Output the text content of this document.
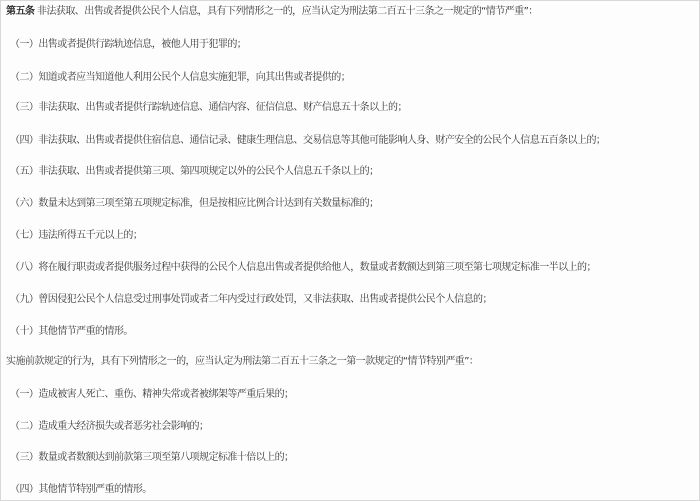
第五条 非法获取、出售或者提供公民个人信息，具有下列情形之一的，应当认定为刑法第二百五十三条之一规定的“情节严重”：
（一）出售或者提供行踪轨迹信息，被他人用于犯罪的；
（二）知道或者应当知道他人利用公民个人信息实施犯罪，向其出售或者提供的；
（三）非法获取、出售或者提供行踪轨迹信息、通信内容、征信信息、财产信息五十条以上的；
（四）非法获取、出售或者提供住宿信息、通信记录、健康生理信息、交易信息等其他可能影响人身、财产安全的公民个人信息五百条以上的；
（五）非法获取、出售或者提供第三项、第四项规定以外的公民个人信息五千条以上的；
（六）数量未达到第三项至第五项规定标准，但是按相应比例合计达到有关数量标准的；
（七）违法所得五千元以上的；
（八）将在履行职责或者提供服务过程中获得的公民个人信息出售或者提供给他人，数量或者数额达到第三项至第七项规定标准一半以上的；
（九）曾因侵犯公民个人信息受过刑事处罚或者二年内受过行政处罚，又非法获取、出售或者提供公民个人信息的；
（十）其他情节严重的情形。
实施前款规定的行为，具有下列情形之一的，应当认定为刑法第二百五十三条之一第一款规定的“情节特别严重”：
（一）造成被害人死亡、重伤、精神失常或者被绑架等严重后果的；
（二）造成重大经济损失或者恶劣社会影响的；
（三）数量或者数额达到前款第三项至第八项规定标准十倍以上的；
（四）其他情节特别严重的情形。
